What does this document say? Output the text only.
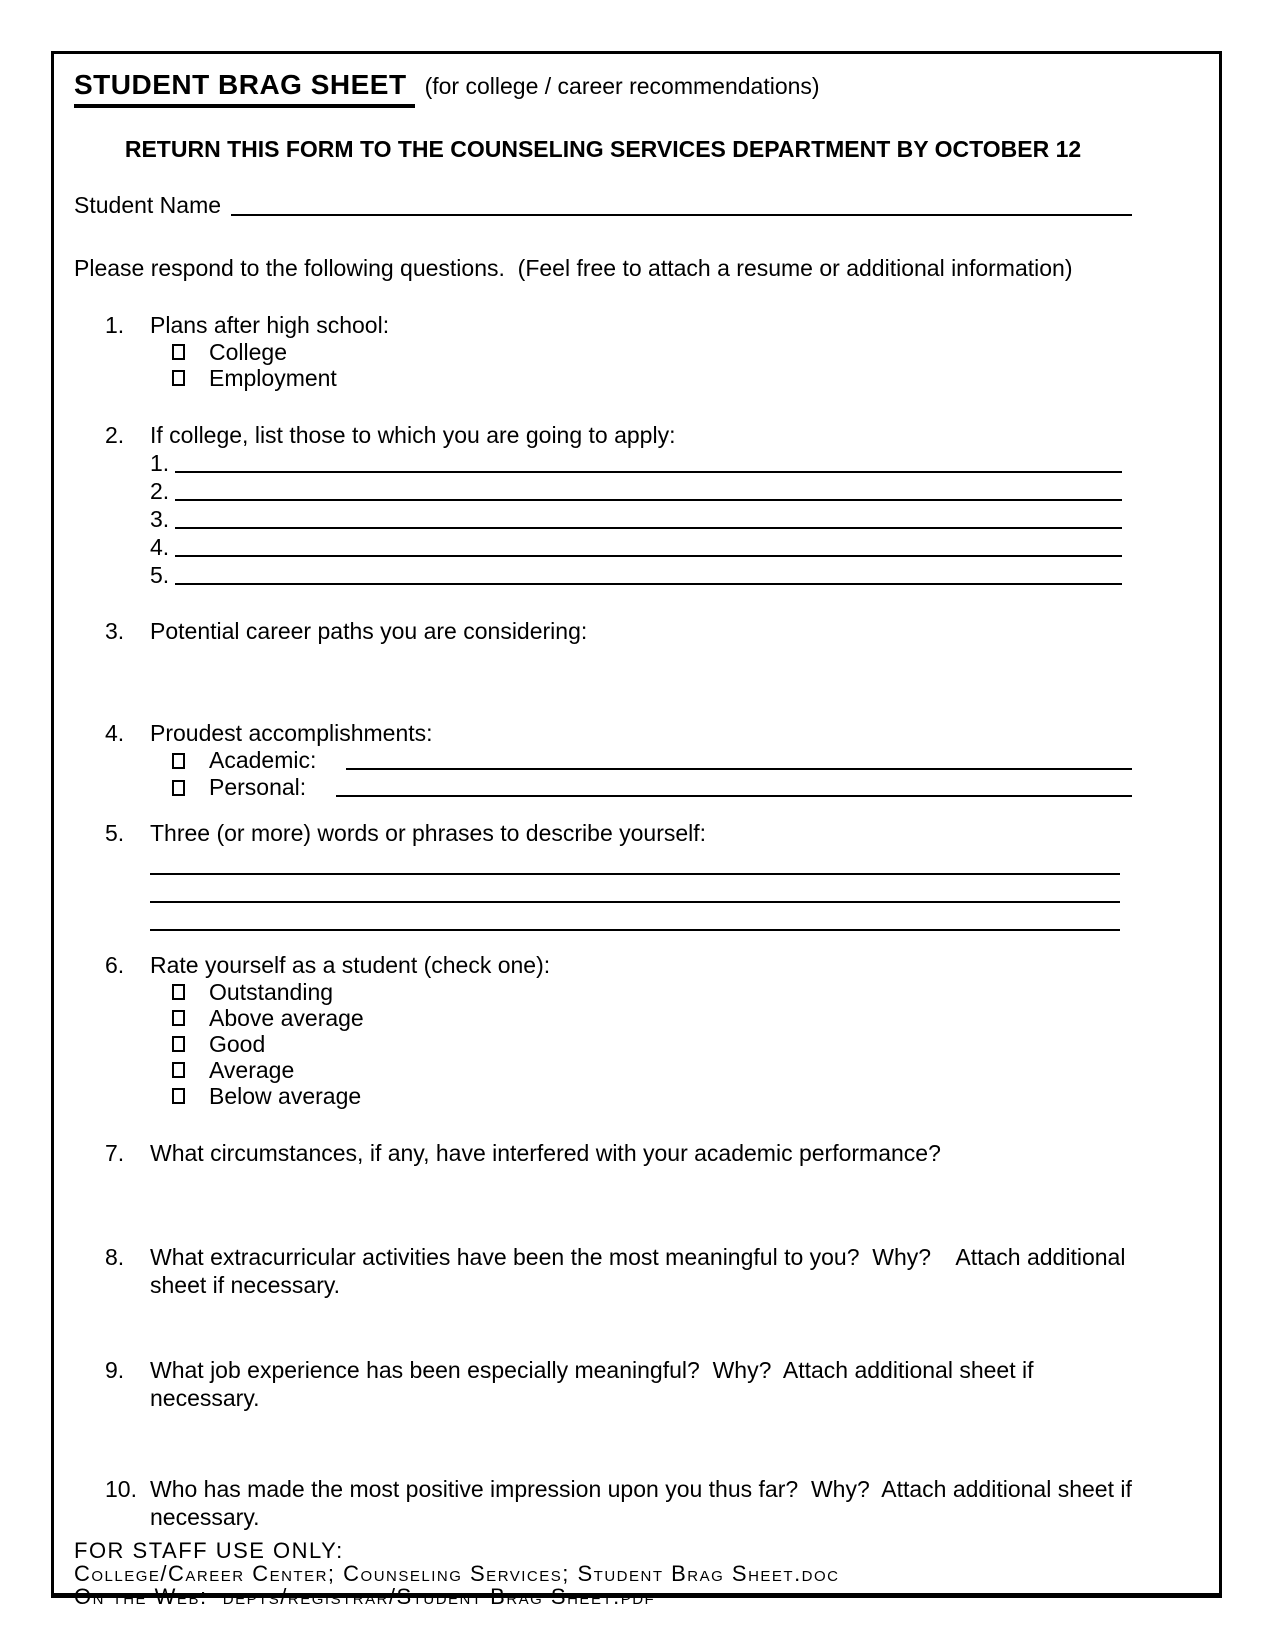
STUDENT BRAG SHEET (for college / career recommendations)
RETURN THIS FORM TO THE COUNSELING SERVICES DEPARTMENT BY OCTOBER 12
Student Name
Please respond to the following questions.  (Feel free to attach a resume or additional information)
1.	Plans after high school:
College
Employment
2.	If college, list those to which you are going to apply:
1.
2.
3.
4.
5.
3.	Potential career paths you are considering:
4.	Proudest accomplishments:
Academic:
Personal:
5.	Three (or more) words or phrases to describe yourself:
6.	Rate yourself as a student (check one):
Outstanding
Above average
Good
Average
Below average
7.	What circumstances, if any, have interfered with your academic performance?
8.	What extracurricular activities have been the most meaningful to you?  Why?    Attach additional sheet if necessary.
9.	What job experience has been especially meaningful?  Why?  Attach additional sheet if necessary.
10. Who has made the most positive impression upon you thus far?  Why?  Attach additional sheet if necessary.
FOR STAFF USE ONLY:
College/Career Center; Counseling Services; Student Brag Sheet.doc
On the Web:  depts/registrar/Student Brag Sheet.pdf
